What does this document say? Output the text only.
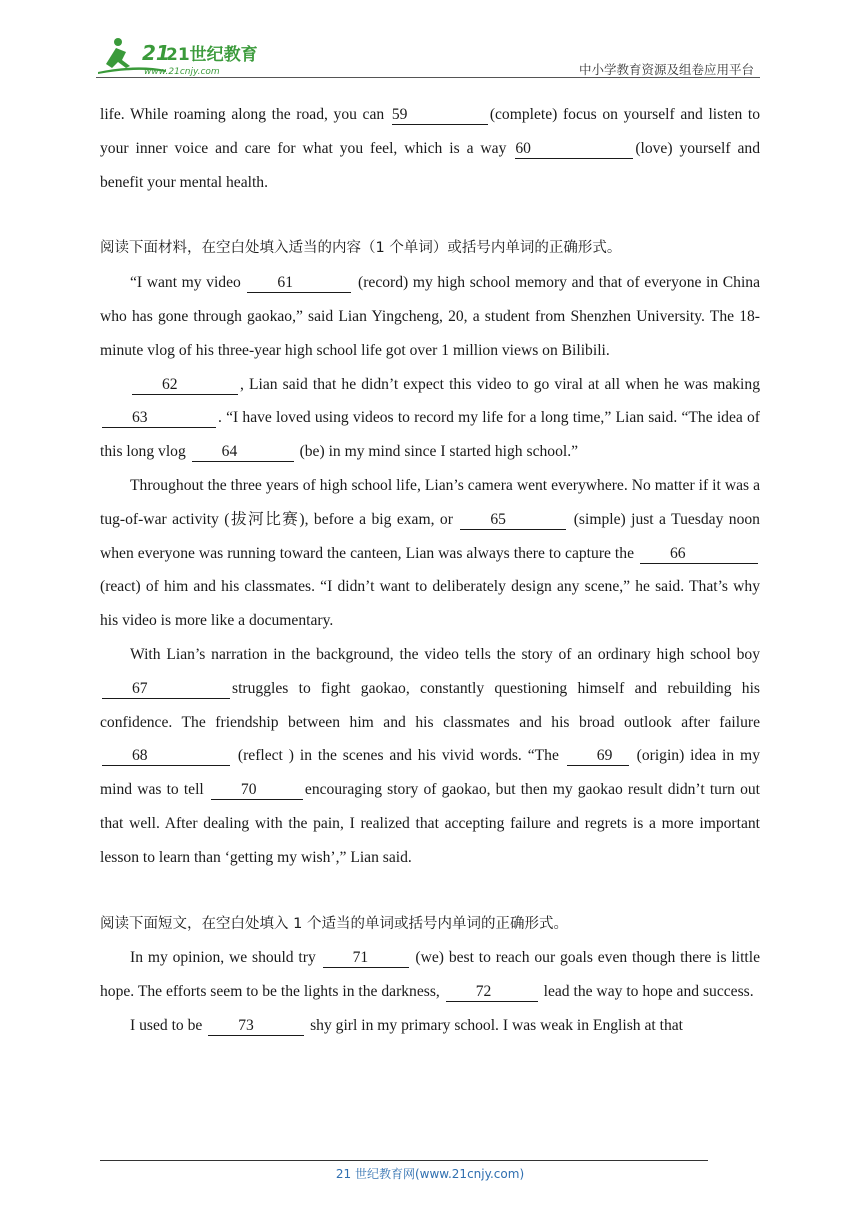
21
21世纪教育
www.21cnjy.com	中小学教育资源及组卷应用平台

life. While roaming along the road, you can 59	(complete) focus on yourself and listen to your inner voice and care for what you feel, which is a way 60	(love) yourself and benefit your mental health.

阅读下面材料，在空白处填入适当的内容（1 个单词）或括号内单词的正确形式。

“I want my video 61	(record) my high school memory and that of everyone in China who has gone through gaokao,” said Lian Yingcheng, 20, a student from Shenzhen University. The 18-minute vlog of his three-year high school life got over 1 million views on Bilibili.

62	, Lian said that he didn’t expect this video to go viral at all when he was making 63	. “I have loved using videos to record my life for a long time,” Lian said. “The idea of this long vlog 64	(be) in my mind since I started high school.”

Throughout the three years of high school life, Lian’s camera went everywhere. No matter if it was a tug-of-war activity (拔河比赛), before a big exam, or 65	(simple) just a Tuesday noon when everyone was running toward the canteen, Lian was always there to capture the 66(react) of him and his classmates. “I didn’t want to deliberately design any scene,” he said. That’s why his video is more like a documentary.

With Lian’s narration in the background, the video tells the story of an ordinary high school boy 67	struggles to fight gaokao, constantly questioning himself and rebuilding his confidence. The friendship between him and his classmates and his broad outlook after failure 68	(reflect ) in the scenes and his vivid words. “The 69 (origin) idea in my mind was to tell 70	encouraging story of gaokao, but then my gaokao result didn’t turn out that well. After dealing with the pain, I realized that accepting failure and regrets is a more important lesson to learn than ‘getting my wish’,” Lian said.

阅读下面短文，在空白处填入 1 个适当的单词或括号内单词的正确形式。

In my opinion, we should try 71	(we) best to reach our goals even though there is little hope. The efforts seem to be the lights in the darkness, 72	lead the way to hope and success.

I used to be 73	shy girl in my primary school. I was weak in English at that

21 世纪教育网(www.21cnjy.com)
